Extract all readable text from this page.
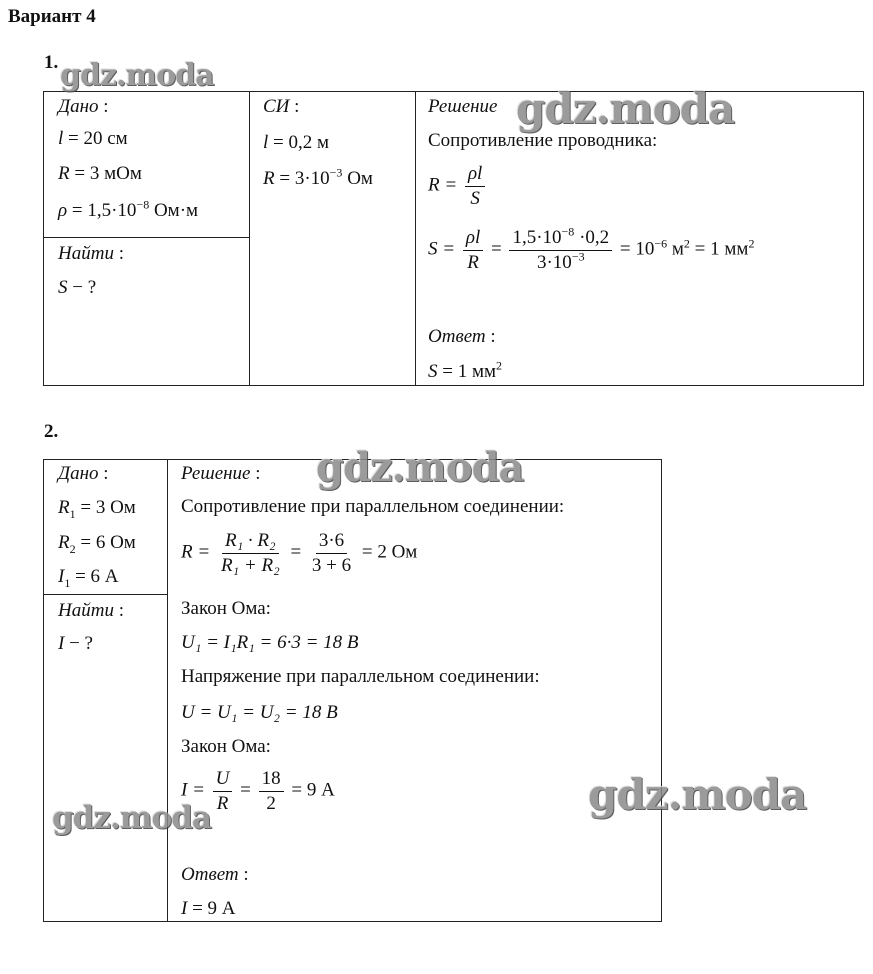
Вариант 4
1.
Дано :
l = 20 см
R = 3 мОм
$\rho = 1,5\cdot 10^{-8}$ Ом·м
Найти :
S − ?
СИ :
l = 0,2 м
$R = 3\cdot 10^{-3}$ Ом
Решение
Сопротивление проводника:
$R = \frac{\rho l}{S}$
$S = \frac{\rho l}{R} = \frac{1,5\cdot 10^{-8} \cdot 0,2}{3\cdot 10^{-3}} = 10^{-6}$ $м^2 = 1$ $мм^2$
Ответ :
S = 1 $мм^2$
2.
Дано :
$R_1 = 3$ Ом
$R_2 = 6$ Ом
$I_1 = 6$ А
Найти :
I − ?
Решение :
Сопротивление при параллельном соединении:
$R = \frac{\text{R₁ · R₂}}{\text{R₁ + R₂}} = \frac{3\cdot 6}{3 + 6} = 2$ Ом
Закон Ома:
U₁ = I₁R₁ = 6·3 = 18 В
Напряжение при параллельном соединении:
U = U₁ = U₂ = 18 В
Закон Ома:
$I = \frac{U}{R} = \frac{18}{2} = 9$ А
Ответ :
I = 9 А
gdz.moda
gdz.moda
gdz.moda
gdz.moda
gdz.moda
